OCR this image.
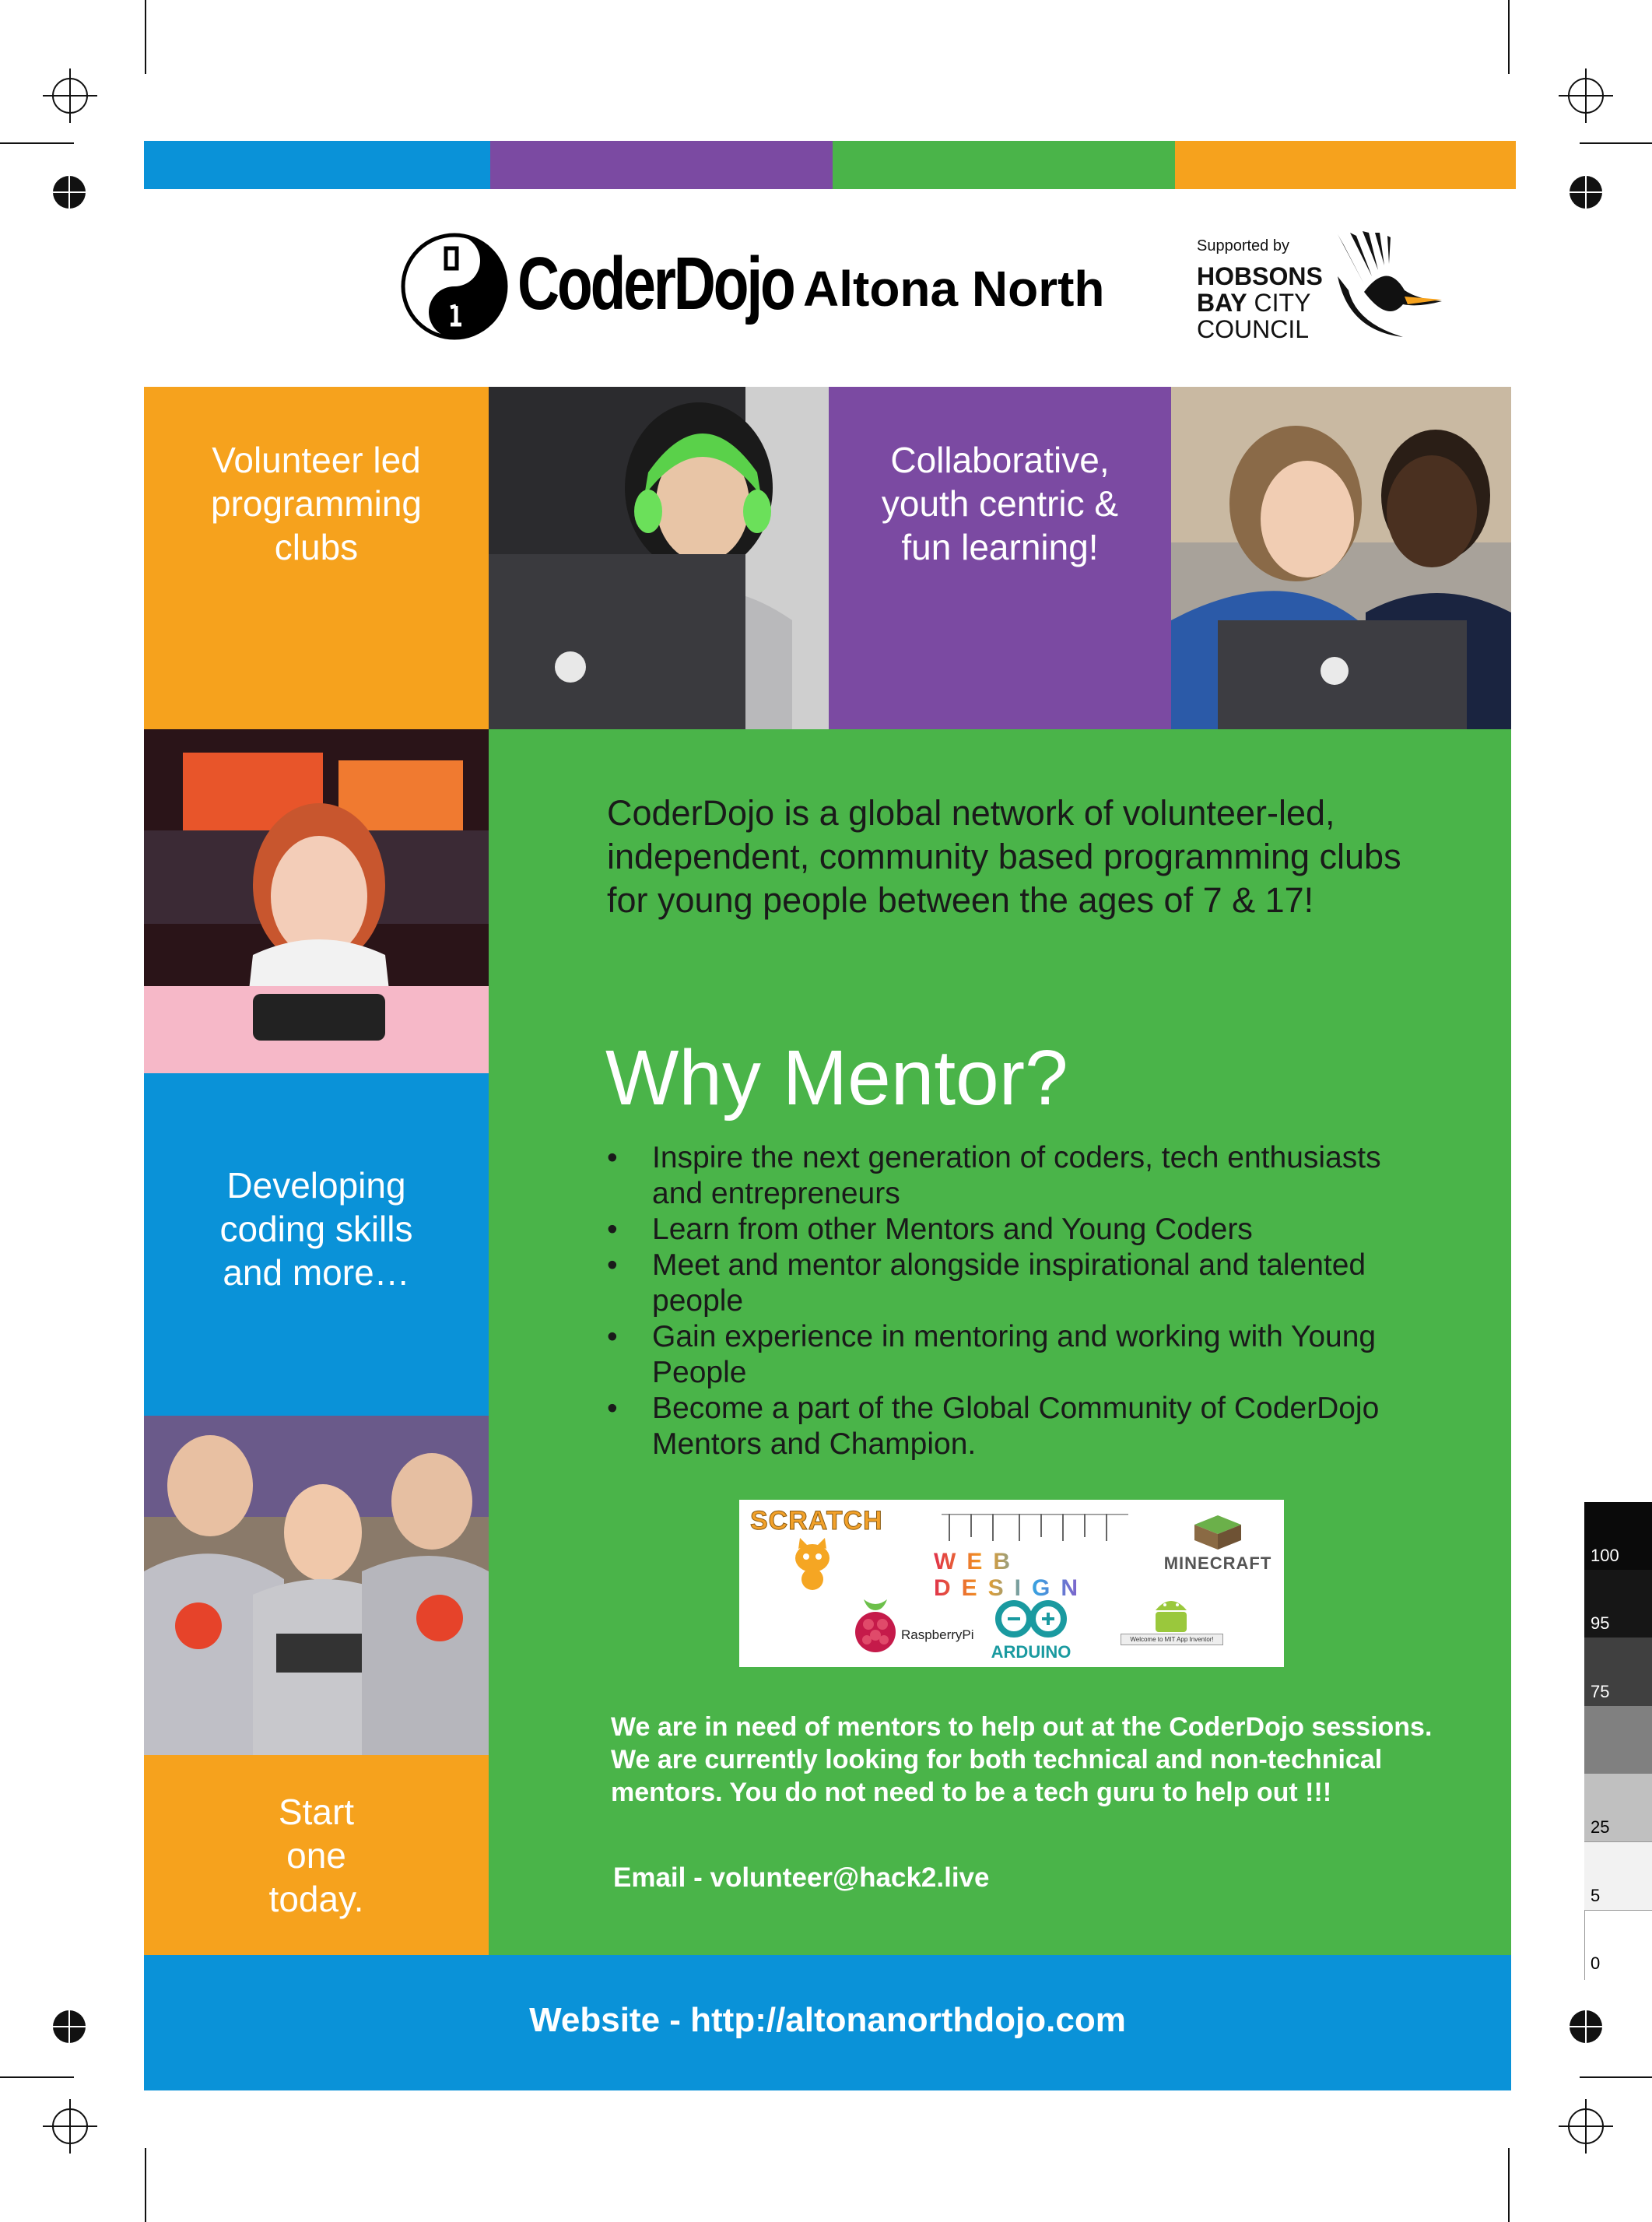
CoderDojo Altona North
Supported by
HOBSONS
BAY CITY
COUNCIL
Volunteer led programming clubs
Collaborative, youth centric & fun learning!
Developing coding skills and more…
Start one today.
CoderDojo is a global network of volunteer-led, independent, community based programming clubs for young people between the ages of 7 & 17!
Why Mentor?
• Inspire the next generation of coders, tech enthusiasts and entrepreneurs
• Learn from other Mentors and Young Coders
• Meet and mentor alongside inspirational and talented people
• Gain experience in mentoring and working with Young People
• Become a part of the Global Community of CoderDojo Mentors and Champion.
SCRATCH
WEB DESIGN
MINECRAFT
RaspberryPi
ARDUINO
Welcome to MIT App Inventor!
We are in need of mentors to help out at the CoderDojo sessions. We are currently looking for both technical and non-technical mentors. You do not need to be a tech guru to help out !!!
Email - volunteer@hack2.live
Website - http://altonanorthdojo.com
100
95
75
25
5
0
